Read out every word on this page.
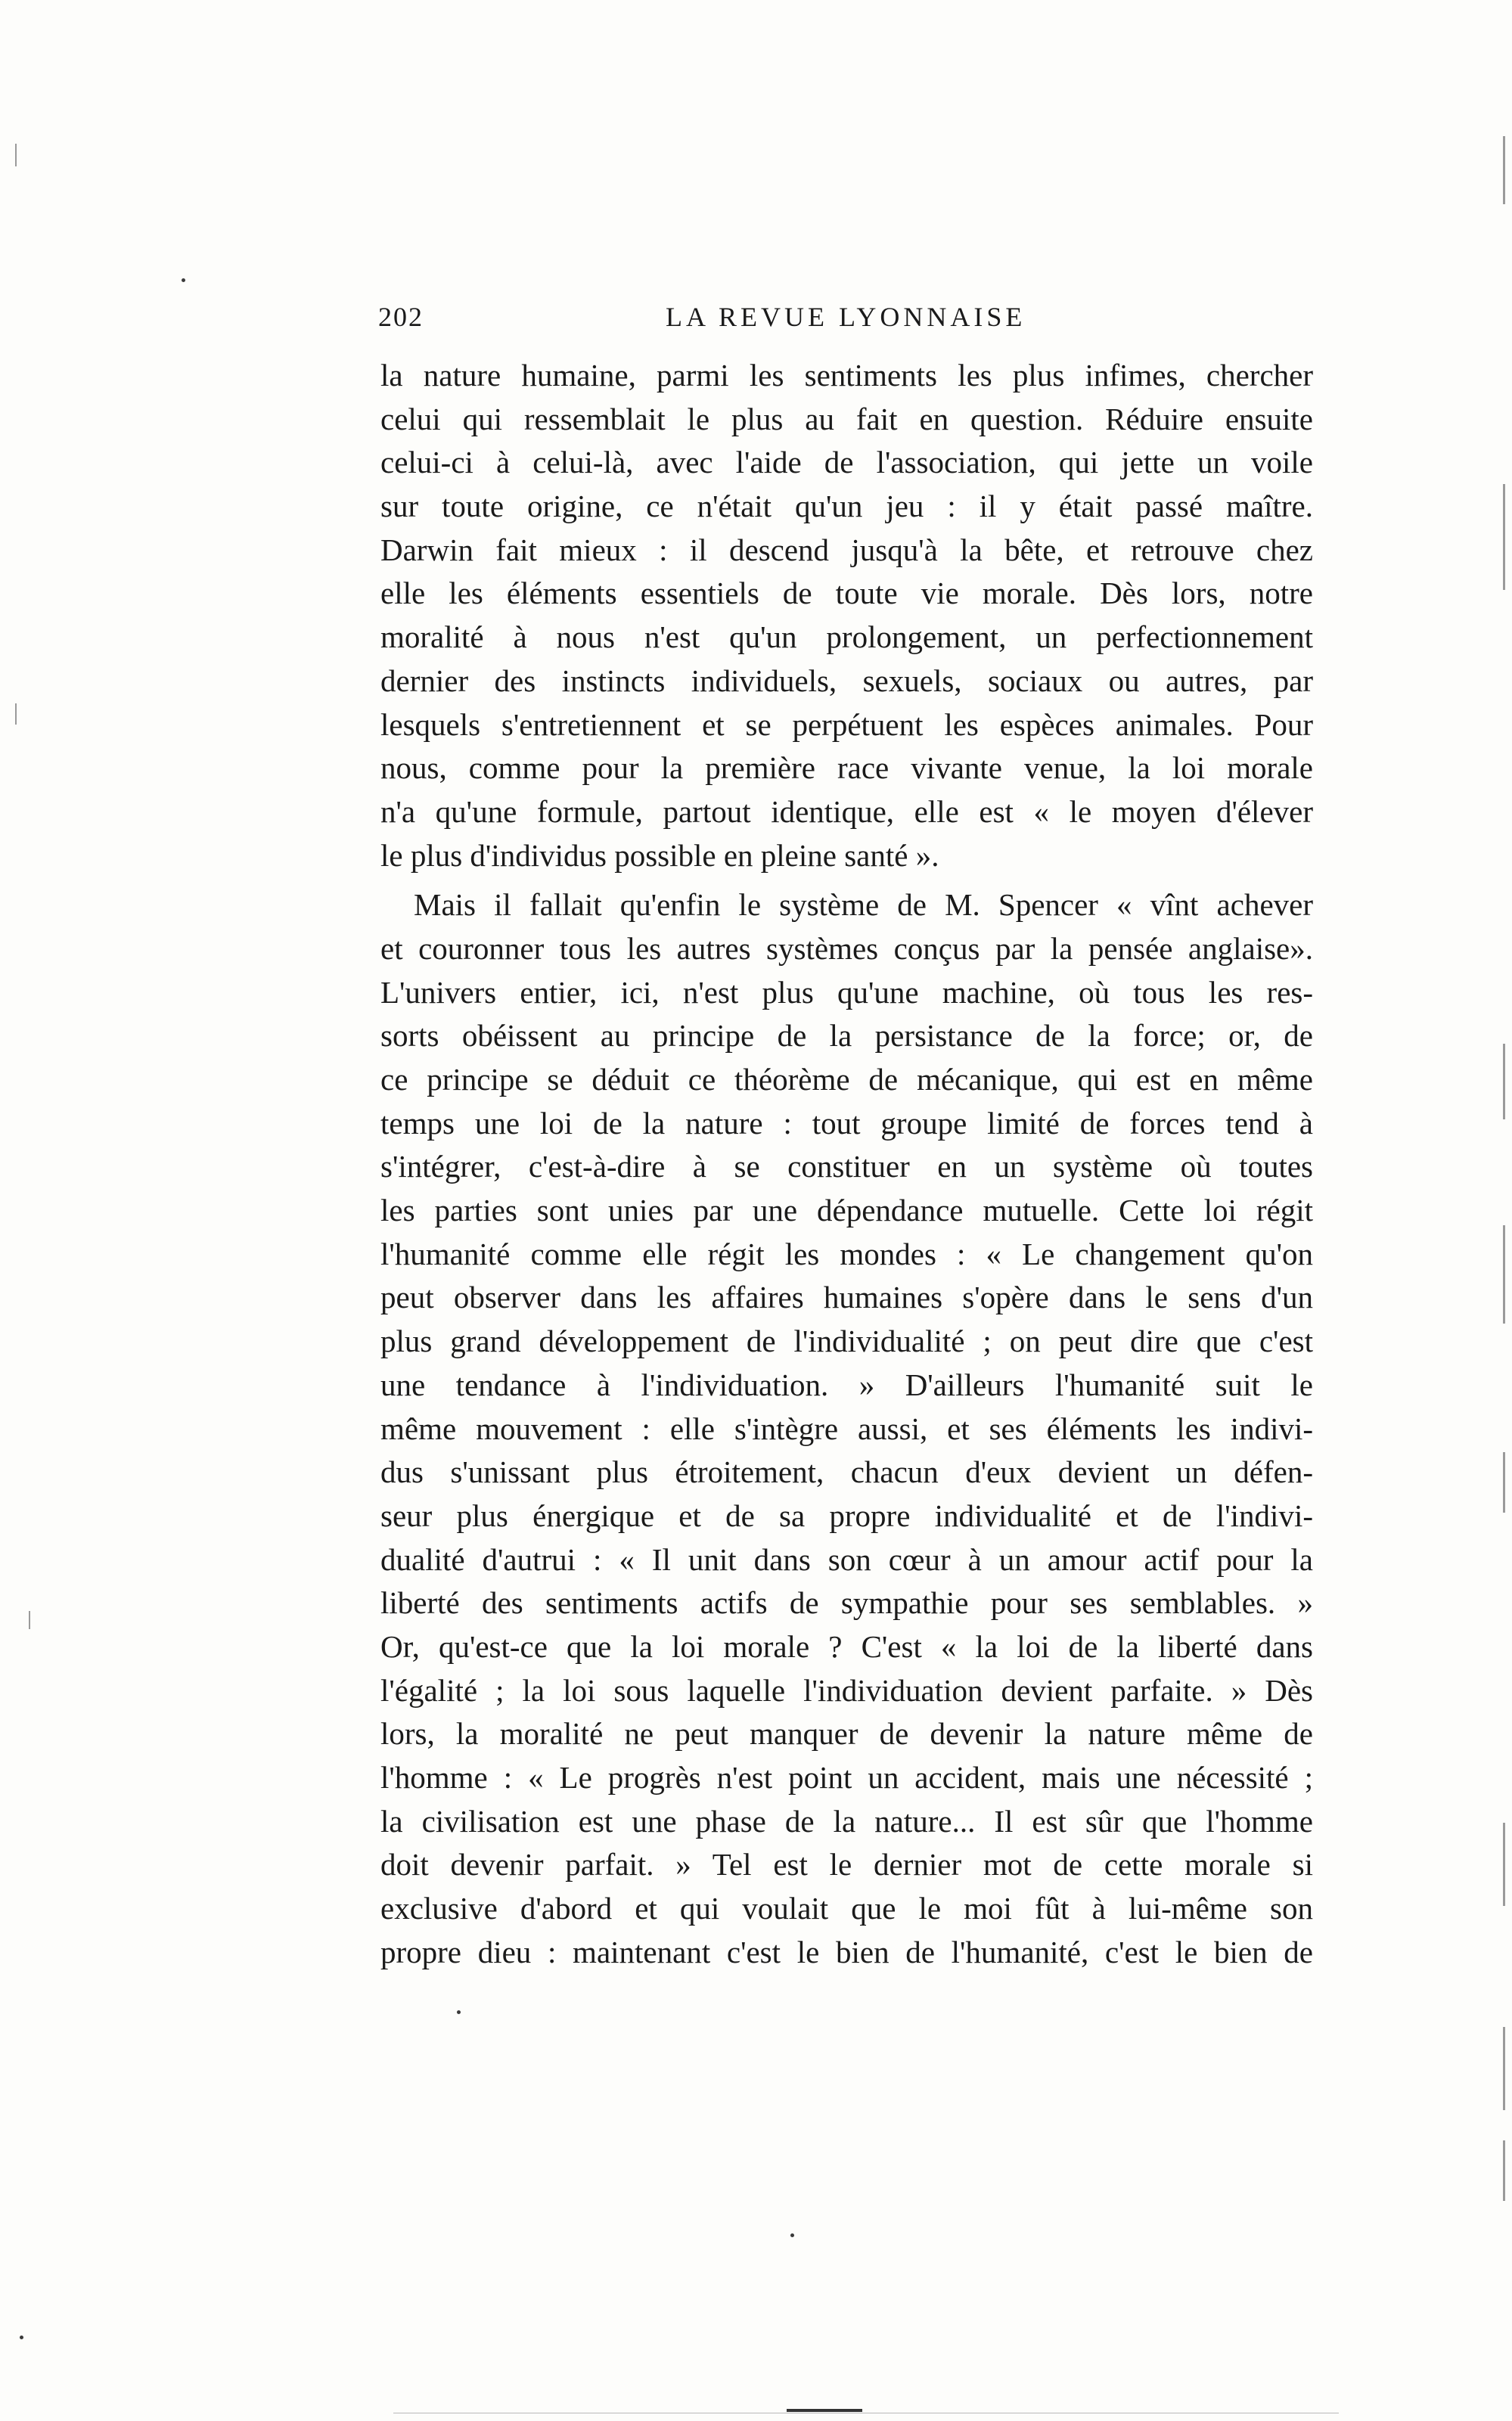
202	LA REVUE LYONNAISE
la nature humaine, parmi les sentiments les plus infimes, chercher
celui qui ressemblait le plus au fait en question. Réduire ensuite
celui-ci à celui-là, avec l'aide de l'association, qui jette un voile
sur toute origine, ce n'était qu'un jeu : il y était passé maître.
Darwin fait mieux : il descend jusqu'à la bête, et retrouve chez
elle les éléments essentiels de toute vie morale. Dès lors, notre
moralité à nous n'est qu'un prolongement, un perfectionnement
dernier des instincts individuels, sexuels, sociaux ou autres, par
lesquels s'entretiennent et se perpétuent les espèces animales. Pour
nous, comme pour la première race vivante venue, la loi morale
n'a qu'une formule, partout identique, elle est « le moyen d'élever
le plus d'individus possible en pleine santé ».
Mais il fallait qu'enfin le système de M. Spencer « vînt achever
et couronner tous les autres systèmes conçus par la pensée anglaise».
L'univers entier, ici, n'est plus qu'une machine, où tous les res-
sorts obéissent au principe de la persistance de la force; or, de
ce principe se déduit ce théorème de mécanique, qui est en même
temps une loi de la nature : tout groupe limité de forces tend à
s'intégrer, c'est-à-dire à se constituer en un système où toutes
les parties sont unies par une dépendance mutuelle. Cette loi régit
l'humanité comme elle régit les mondes : « Le changement qu'on
peut observer dans les affaires humaines s'opère dans le sens d'un
plus grand développement de l'individualité ; on peut dire que c'est
une tendance à l'individuation. » D'ailleurs l'humanité suit le
même mouvement : elle s'intègre aussi, et ses éléments les indivi-
dus s'unissant plus étroitement, chacun d'eux devient un défen-
seur plus énergique et de sa propre individualité et de l'indivi-
dualité d'autrui : « Il unit dans son cœur à un amour actif pour la
liberté des sentiments actifs de sympathie pour ses semblables. »
Or, qu'est-ce que la loi morale ? C'est « la loi de la liberté dans
l'égalité ; la loi sous laquelle l'individuation devient parfaite. » Dès
lors, la moralité ne peut manquer de devenir la nature même de
l'homme : « Le progrès n'est point un accident, mais une nécessité ;
la civilisation est une phase de la nature... Il est sûr que l'homme
doit devenir parfait. » Tel est le dernier mot de cette morale si
exclusive d'abord et qui voulait que le moi fût à lui-même son
propre dieu : maintenant c'est le bien de l'humanité, c'est le bien de
